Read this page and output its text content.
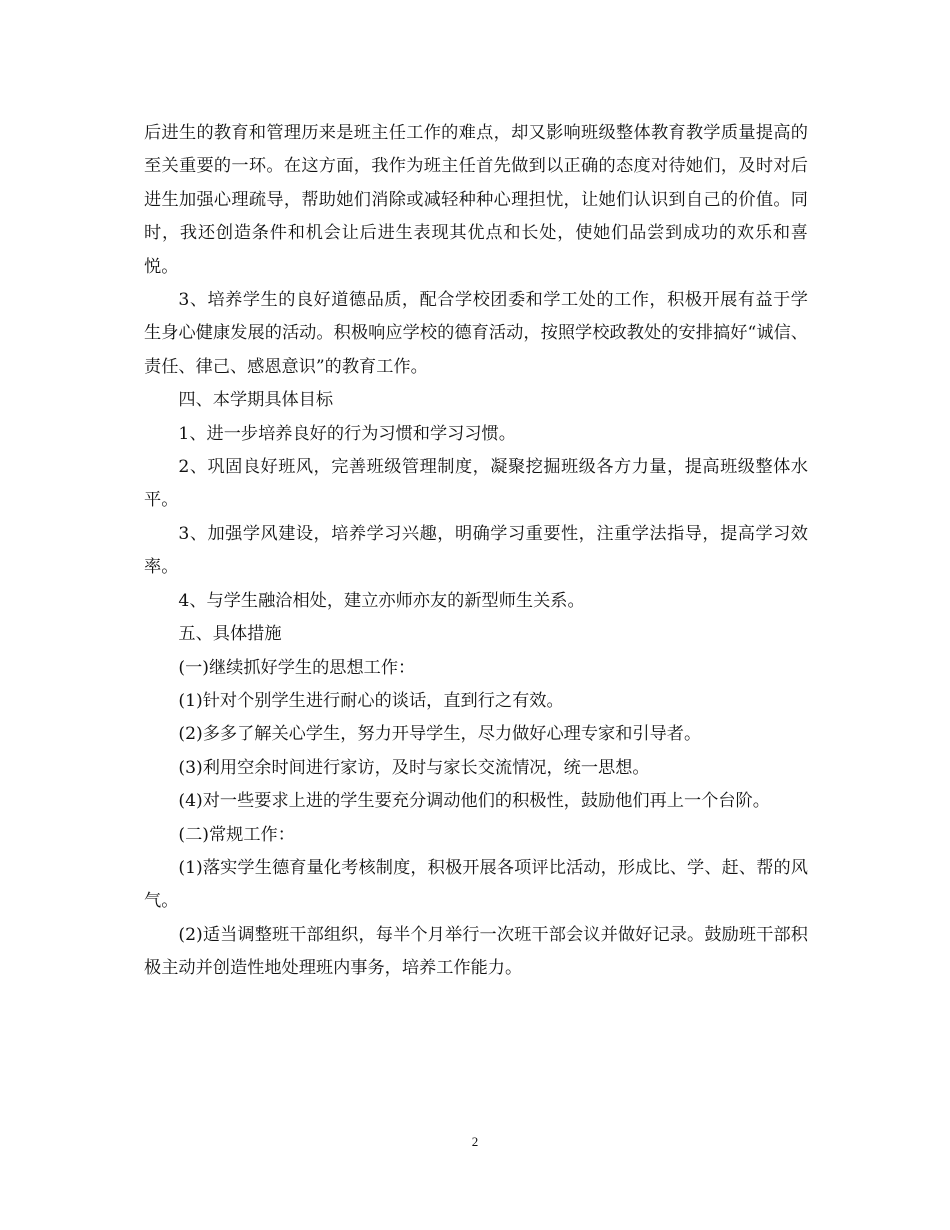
后进生的教育和管理历来是班主任工作的难点，却又影响班级整体教育教学质量提高的至关重要的一环。在这方面，我作为班主任首先做到以正确的态度对待她们，及时对后进生加强心理疏导，帮助她们消除或减轻种种心理担忧，让她们认识到自己的价值。同时，我还创造条件和机会让后进生表现其优点和长处，使她们品尝到成功的欢乐和喜悦。

3、培养学生的良好道德品质，配合学校团委和学工处的工作，积极开展有益于学生身心健康发展的活动。积极响应学校的德育活动，按照学校政教处的安排搞好“诚信、责任、律己、感恩意识”的教育工作。

四、本学期具体目标

1、进一步培养良好的行为习惯和学习习惯。

2、巩固良好班风，完善班级管理制度，凝聚挖掘班级各方力量，提高班级整体水平。

3、加强学风建设，培养学习兴趣，明确学习重要性，注重学法指导，提高学习效率。

4、与学生融洽相处，建立亦师亦友的新型师生关系。

五、具体措施

(一)继续抓好学生的思想工作：

(1)针对个别学生进行耐心的谈话，直到行之有效。

(2)多多了解关心学生，努力开导学生，尽力做好心理专家和引导者。

(3)利用空余时间进行家访，及时与家长交流情况，统一思想。

(4)对一些要求上进的学生要充分调动他们的积极性，鼓励他们再上一个台阶。

(二)常规工作：

(1)落实学生德育量化考核制度，积极开展各项评比活动，形成比、学、赶、帮的风气。

(2)适当调整班干部组织，每半个月举行一次班干部会议并做好记录。鼓励班干部积极主动并创造性地处理班内事务，培养工作能力。

2
